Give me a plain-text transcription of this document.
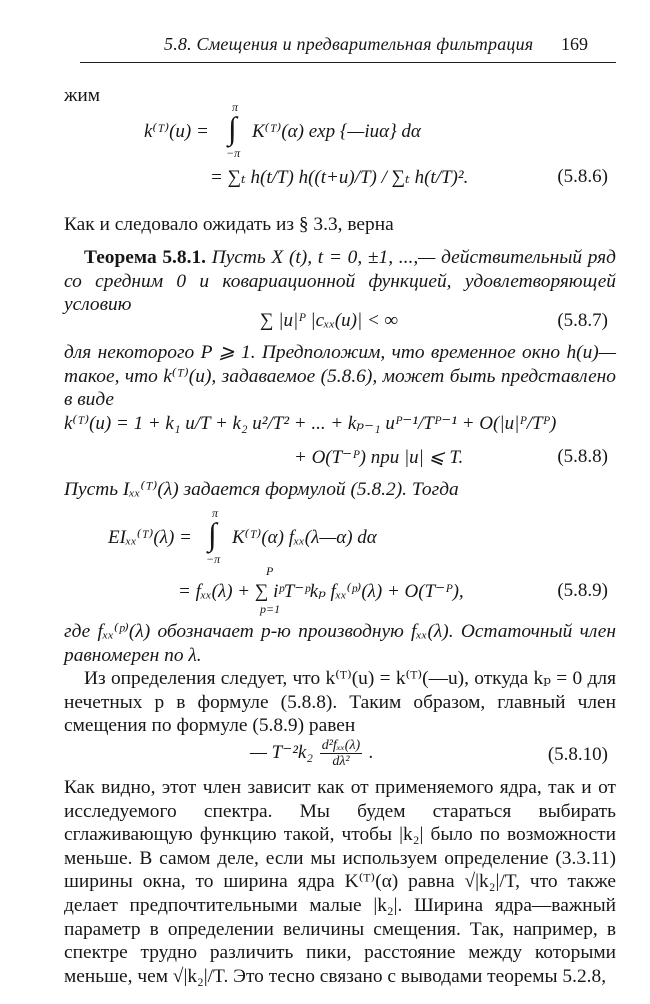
5.8. Смещения и предварительная фильтрация 169

жим

k⁽ᵀ⁾(u) =
π
∫
−π
K⁽ᵀ⁾(α) exp {—iuα} dα
= ∑ₜ h(t/T) h((t+u)/T) / ∑ₜ h(t/T)².	(5.8.6)

Как и следовало ожидать из § 3.3, верна

Теорема 5.8.1. Пусть X (t), t = 0, ±1, ...,— действительный ряд со средним 0 и ковариационной функцией, удовлетворяющей условию

∑ |u|ᴾ |cₓₓ(u)| < ∞	(5.8.7)

для некоторого P ⩾ 1. Предположим, что временное окно h(u)— такое, что k⁽ᵀ⁾(u), задаваемое (5.8.6), может быть представлено в виде

k⁽ᵀ⁾(u) = 1 + k₁ u/T + k₂ u²/T² + ... + kₚ₋₁ uᴾ⁻¹/Tᴾ⁻¹ + O(|u|ᴾ/Tᴾ)
+ O(T⁻ᴾ) при |u| ⩽ T.	(5.8.8)

Пусть Iₓₓ⁽ᵀ⁾(λ) задается формулой (5.8.2). Тогда

EIₓₓ⁽ᵀ⁾(λ) =
π
∫
−π
K⁽ᵀ⁾(α) fₓₓ(λ—α) dα
P
= fₓₓ(λ) + ∑ iᵖT⁻ᵖkₚ fₓₓ⁽ᵖ⁾(λ) + O(T⁻ᴾ),
p=1
(5.8.9)

где fₓₓ⁽ᵖ⁾(λ) обозначает p-ю производную fₓₓ(λ). Остаточный член равномерен по λ.

Из определения следует, что k⁽ᵀ⁾(u) = k⁽ᵀ⁾(—u), откуда kₚ = 0 для нечетных p в формуле (5.8.8). Таким образом, главный член смещения по формуле (5.8.9) равен

— $T^{-2}k_2 \frac{\text{d²fₓₓ(λ)}}{\text{dλ²}}$ .	(5.8.10)

Как видно, этот член зависит как от применяемого ядра, так и от исследуемого спектра. Мы будем стараться выбирать сглаживающую функцию такой, чтобы |k₂| было по возможности меньше. В самом деле, если мы используем определение (3.3.11) ширины окна, то ширина ядра K⁽ᵀ⁾(α) равна √|k₂|/T, что также делает предпочтительными малые |k₂|. Ширина ядра—важный параметр в определении величины смещения. Так, например, в спектре трудно различить пики, расстояние между которыми меньше, чем √|k₂|/T. Это тесно связано с выводами теоремы 5.2.8,
